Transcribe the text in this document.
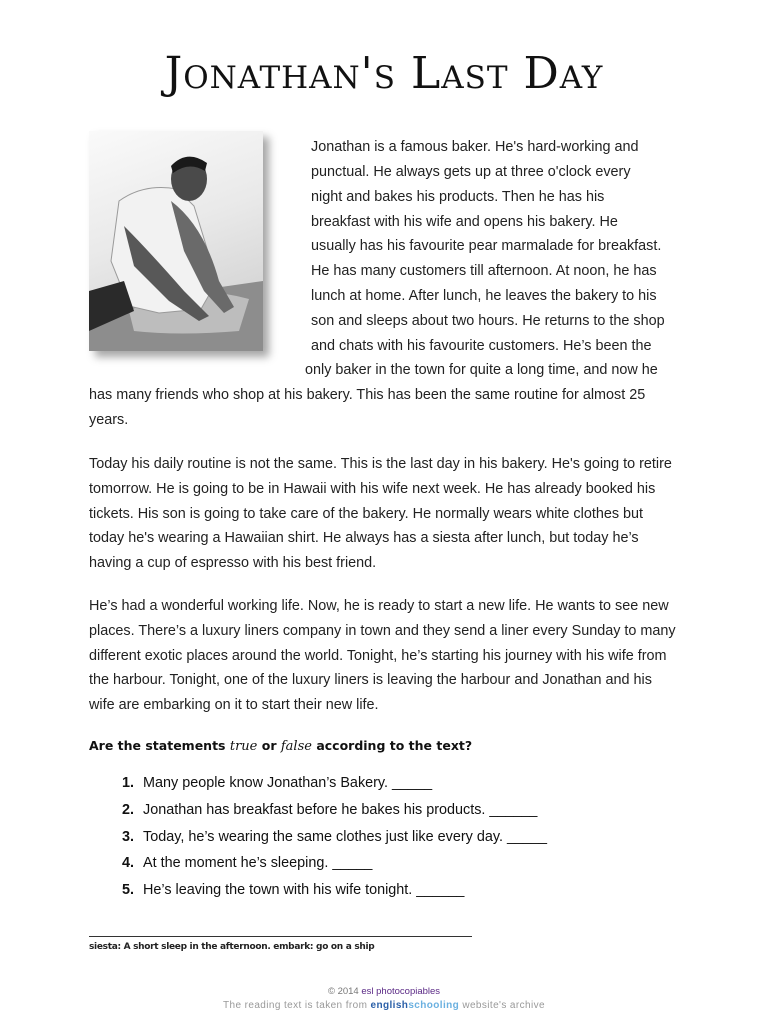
Jonathan's Last Day
Jonathan is a famous baker. He's hard-working and
punctual. He always gets up at three o'clock every
night and bakes his products. Then he has his
breakfast with his wife and opens his bakery. He
usually has his favourite pear marmalade for breakfast.
He has many customers till afternoon. At noon, he has
lunch at home. After lunch, he leaves the bakery to his
son and sleeps about two hours. He returns to the shop
and chats with his favourite customers. He’s been the
only baker in the town for quite a long time, and now he
has many friends who shop at his bakery. This has been the same routine for almost 25
years.

Today his daily routine is not the same. This is the last day in his bakery. He's going to retire tomorrow. He is going to be in Hawaii with his wife next week. He has already booked his tickets. His son is going to take care of the bakery. He normally wears white clothes but today he's wearing a Hawaiian shirt. He always has a siesta after lunch, but today he’s having a cup of espresso with his best friend.

He’s had a wonderful working life. Now, he is ready to start a new life. He wants to see new places. There’s a luxury liners company in town and they send a liner every Sunday to many different exotic places around the world. Tonight, he’s starting his journey with his wife from the harbour. Tonight, one of the luxury liners is leaving the harbour and Jonathan and his wife are embarking on it to start their new life.

Are the statements true or false according to the text?
1. Many people know Jonathan’s Bakery. _____
2. Jonathan has breakfast before he bakes his products. ______
3. Today, he’s wearing the same clothes just like every day. _____
4. At the moment he’s sleeping. _____
5. He’s leaving the town with his wife tonight. ______
siesta: A short sleep in the afternoon. embark: go on a ship
© 2014 esl photocopiables
The reading text is taken from englishschooling website's archive
